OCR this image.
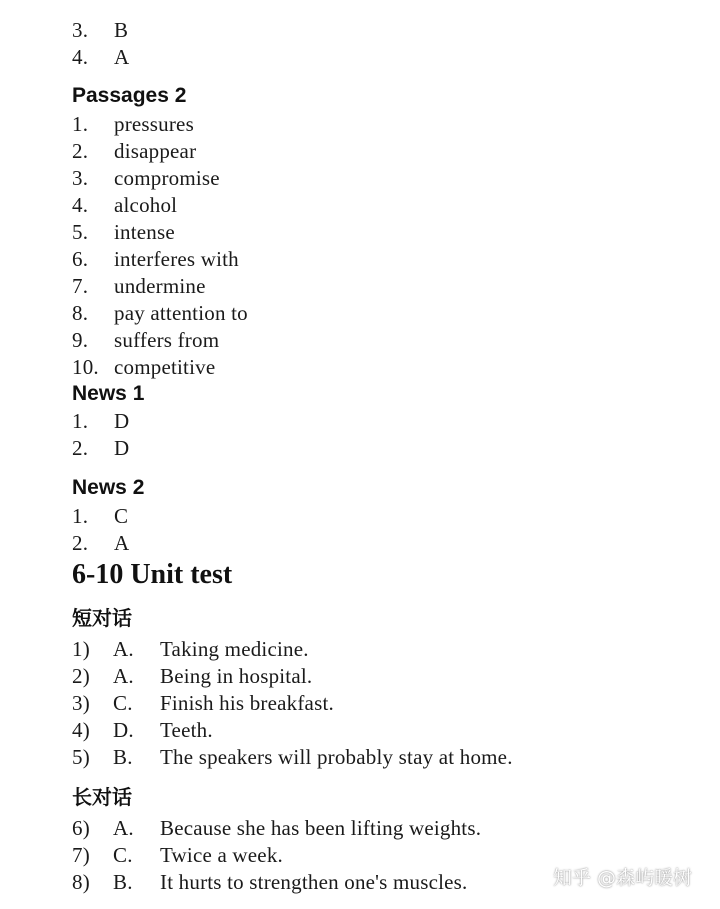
3. B
4. A
Passages 2
1. pressures
2. disappear
3. compromise
4. alcohol
5. intense
6. interferes with
7. undermine
8. pay attention to
9. suffers from
10. competitive
News 1
1. D
2. D
News 2
1. C
2. A
6-10 Unit test
短对话
1) A. Taking medicine.
2) A. Being in hospital.
3) C. Finish his breakfast.
4) D. Teeth.
5) B. The speakers will probably stay at home.
长对话
6) A. Because she has been lifting weights.
7) C. Twice a week.
8) B. It hurts to strengthen one's muscles.	知乎 @森屿暖树
